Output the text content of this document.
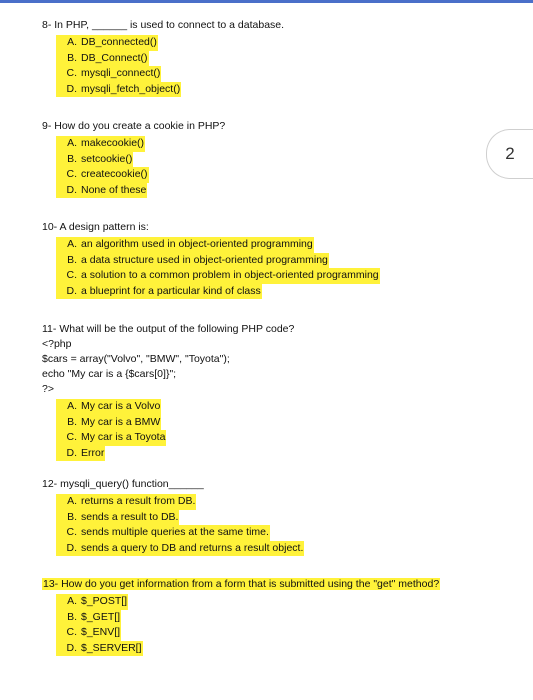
2
8- In PHP, ______ is used to connect to a database.
A. DB_connected()
B. DB_Connect()
C. mysqli_connect()
D. mysqli_fetch_object()
9- How do you create a cookie in PHP?
A. makecookie()
B. setcookie()
C. createcookie()
D. None of these
10- A design pattern is:
A. an algorithm used in object-oriented programming
B. a data structure used in object-oriented programming
C. a solution to a common problem in object-oriented programming
D. a blueprint for a particular kind of class
11- What will be the output of the following PHP code?
<?php
$cars = array("Volvo", "BMW", "Toyota");
echo "My car is a {$cars[0]}";
?>
A. My car is a Volvo
B. My car is a BMW
C. My car is a Toyota
D. Error
12- mysqli_query() function______
A. returns a result from DB.
B. sends a result to DB.
C. sends multiple queries at the same time.
D. sends a query to DB and returns a result object.
13- How do you get information from a form that is submitted using the "get" method?
A. $_POST[]
B. $_GET[]
C. $_ENV[]
D. $_SERVER[]
